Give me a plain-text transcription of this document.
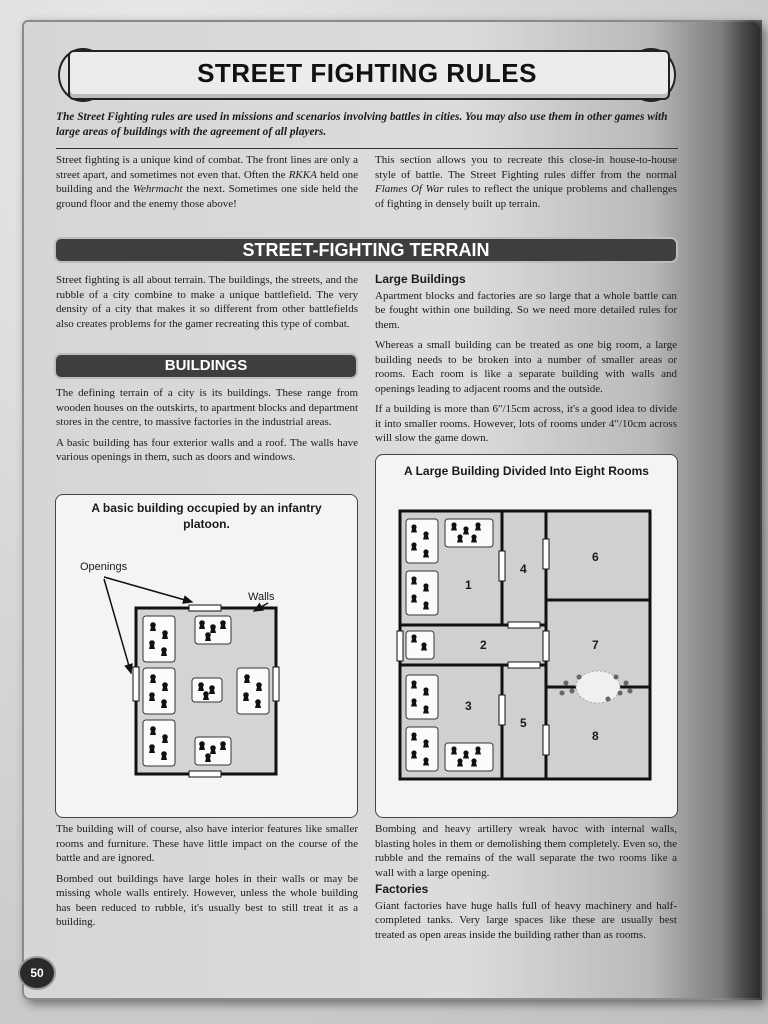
STREET FIGHTING RULES
The Street Fighting rules are used in missions and scenarios involving battles in cities. You may also use them in other games with large areas of buildings with the agreement of all players.

Street fighting is a unique kind of combat. The front lines are only a street apart, and sometimes not even that. Often the RKKA held one building and the Wehrmacht the next. Sometimes one side held the ground floor and the enemy those above!

This section allows you to recreate this close-in house-to-house style of battle. The Street Fighting rules differ from the normal Flames Of War rules to reflect the unique problems and challenges of fighting in densely built up terrain.

STREET-FIGHTING TERRAIN

Street fighting is all about terrain. The buildings, the streets, and the rubble of a city combine to make a unique battlefield. The very density of a city that makes it so different from other battlefields also creates problems for the gamer recreating this type of combat.

BUILDINGS

The defining terrain of a city is its buildings. These range from wooden houses on the outskirts, to apartment blocks and department stores in the centre, to massive factories in the industrial areas.

A basic building has four exterior walls and a roof. The walls have various openings in them, such as doors and windows.

Large Buildings

Apartment blocks and factories are so large that a whole battle can be fought within one building. So we need more detailed rules for them.

Whereas a small building can be treated as one big room, a large building needs to be broken into a number of smaller areas or rooms. Each room is like a separate building with walls and openings leading to adjacent rooms and the outside.

If a building is more than 6"/15cm across, it's a good idea to divide it into smaller rooms. However, lots of rooms under 4"/10cm across will slow the game down.

A basic building occupied by an infantry platoon.
Openings
Walls
A Large Building Divided Into Eight Rooms
1
2
3
4
5
6
7
8

The building will of course, also have interior features like smaller rooms and furniture. These have little impact on the course of the battle and are ignored.

Bombed out buildings have large holes in their walls or may be missing whole walls entirely. However, unless the whole building has been reduced to rubble, it's usually best to still treat it as a building.

Bombing and heavy artillery wreak havoc with internal walls, blasting holes in them or demolishing them completely. Even so, the rubble and the remains of the wall separate the two rooms like a wall with a large opening.

Factories

Giant factories have huge halls full of heavy machinery and half-completed tanks. Very large spaces like these are usually best treated as open areas inside the building rather than as rooms.

50
